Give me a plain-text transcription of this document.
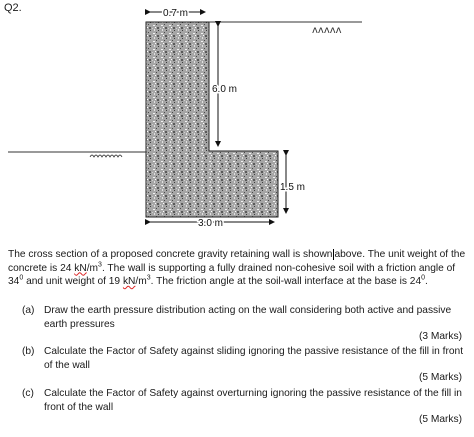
Q2.	0.7 m
ʌʌʌʌʌ
6.0 m
1.5 m
3.0 m
The cross section of a proposed concrete gravity retaining wall is shown above. The unit weight of the concrete is 24 $kN/m^3$. The wall is supporting a fully drained non-cohesive soil with a friction angle of $34^0$ and unit weight of 19 $kN/m^3$. The friction angle at the soil-wall interface at the base is $24^0$.
(a) Draw the earth pressure distribution acting on the wall considering both active and passive earth pressures
(3 Marks)
(b) Calculate the Factor of Safety against sliding ignoring the passive resistance of the fill in front of the wall
(5 Marks)
(c) Calculate the Factor of Safety against overturning ignoring the passive resistance of the fill in front of the wall
(5 Marks)
